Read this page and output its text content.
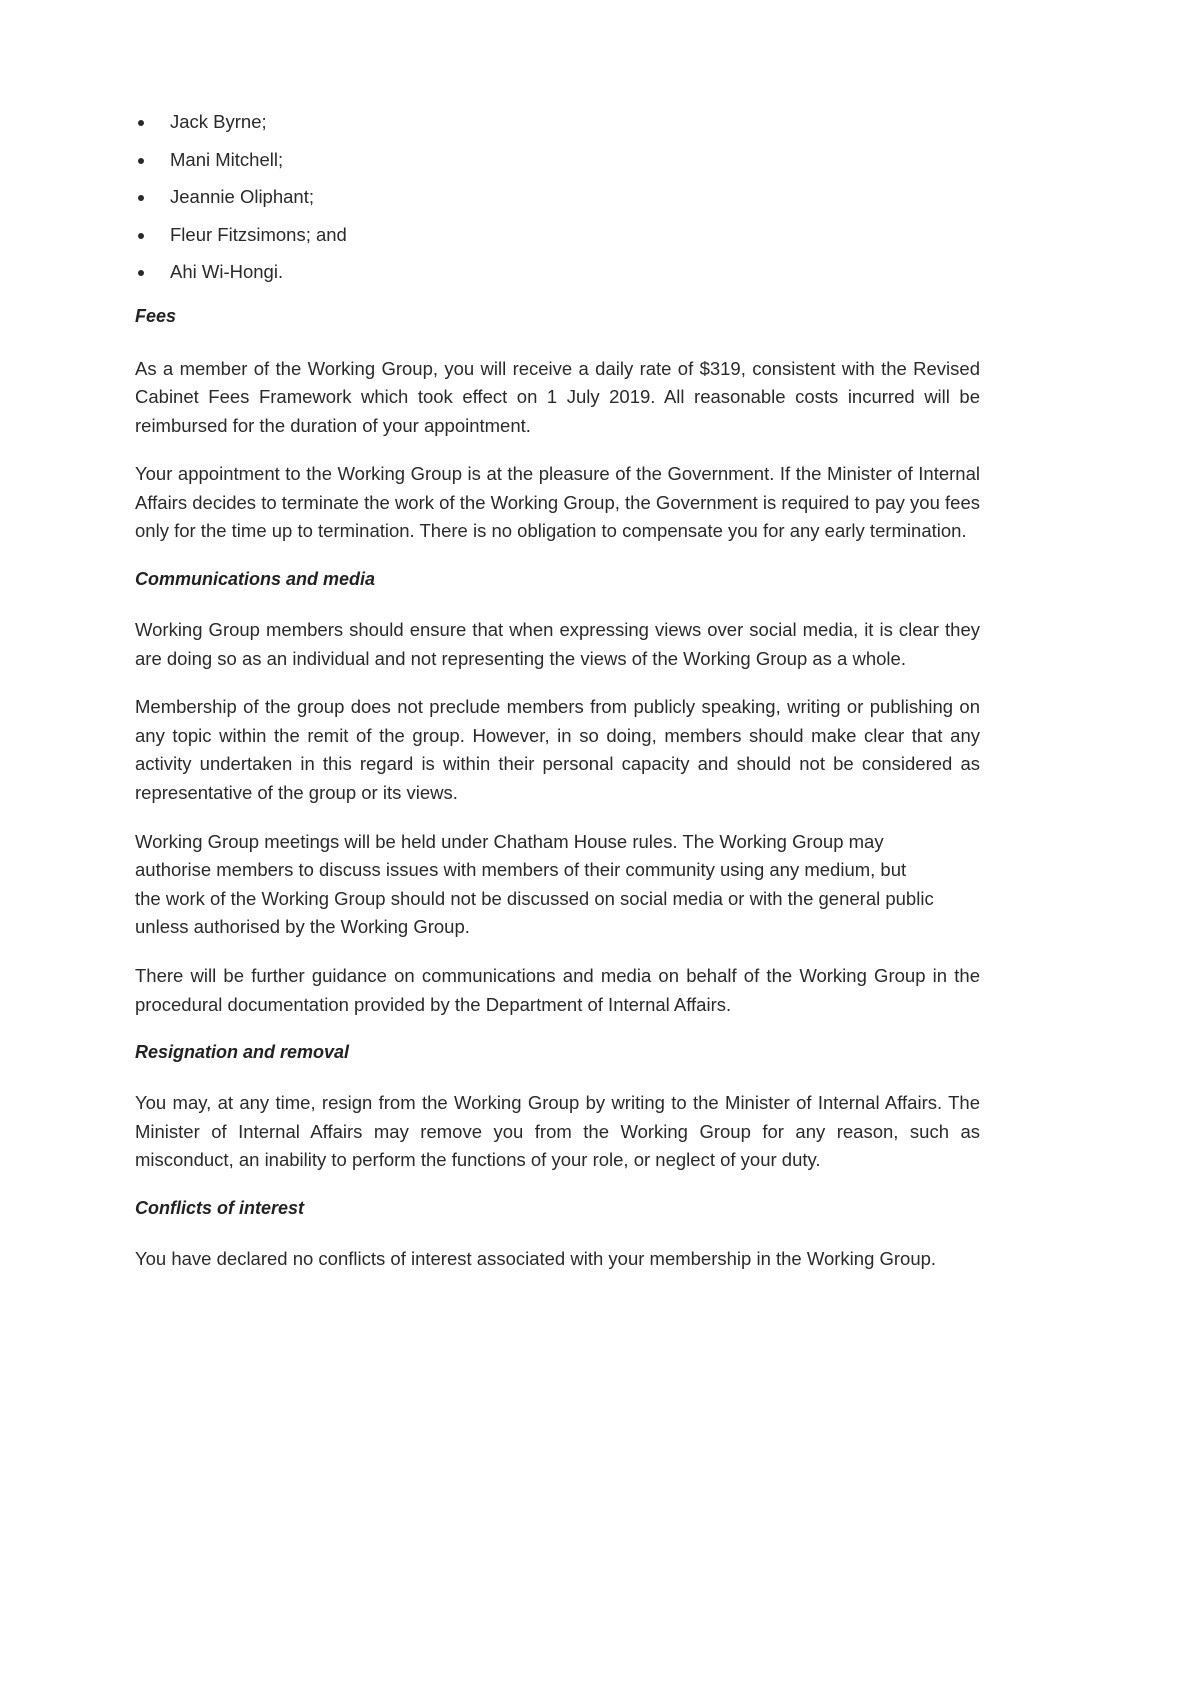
Jack Byrne;
Mani Mitchell;
Jeannie Oliphant;
Fleur Fitzsimons; and
Ahi Wi-Hongi.
Fees

As a member of the Working Group, you will receive a daily rate of $319, consistent with the Revised Cabinet Fees Framework which took effect on 1 July 2019. All reasonable costs incurred will be reimbursed for the duration of your appointment.

Your appointment to the Working Group is at the pleasure of the Government. If the Minister of Internal Affairs decides to terminate the work of the Working Group, the Government is required to pay you fees only for the time up to termination. There is no obligation to compensate you for any early termination.

Communications and media

Working Group members should ensure that when expressing views over social media, it is clear they are doing so as an individual and not representing the views of the Working Group as a whole.

Membership of the group does not preclude members from publicly speaking, writing or publishing on any topic within the remit of the group. However, in so doing, members should make clear that any activity undertaken in this regard is within their personal capacity and should not be considered as representative of the group or its views.

Working Group meetings will be held under Chatham House rules. The Working Group may authorise members to discuss issues with members of their community using any medium, but the work of the Working Group should not be discussed on social media or with the general public unless authorised by the Working Group.

There will be further guidance on communications and media on behalf of the Working Group in the procedural documentation provided by the Department of Internal Affairs.

Resignation and removal

You may, at any time, resign from the Working Group by writing to the Minister of Internal Affairs. The Minister of Internal Affairs may remove you from the Working Group for any reason, such as misconduct, an inability to perform the functions of your role, or neglect of your duty.

Conflicts of interest

You have declared no conflicts of interest associated with your membership in the Working Group.
